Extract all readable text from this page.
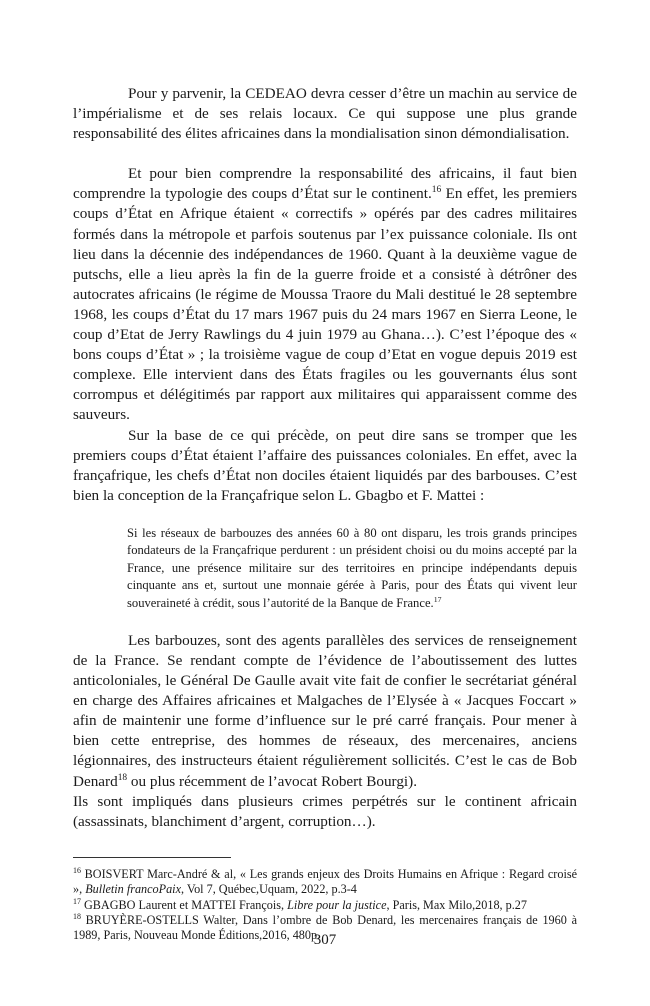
Pour y parvenir, la CEDEAO devra cesser d’être un machin au service de l’impérialisme et de ses relais locaux. Ce qui suppose une plus grande responsabilité des élites africaines dans la mondialisation sinon démondialisation.

Et pour bien comprendre la responsabilité des africains, il faut bien comprendre la typologie des coups d’État sur le continent.$^{16}$ En effet, les premiers coups d’État en Afrique étaient « correctifs » opérés par des cadres militaires formés dans la métropole et parfois soutenus par l’ex puissance coloniale. Ils ont lieu dans la décennie des indépendances de 1960. Quant à la deuxième vague de putschs, elle a lieu après la fin de la guerre froide et a consisté à détrôner des autocrates africains (le régime de Moussa Traore du Mali destitué le 28 septembre 1968, les coups d’État du 17 mars 1967 puis du 24 mars 1967 en Sierra Leone, le coup d’Etat de Jerry Rawlings du 4 juin 1979 au Ghana…). C’est l’époque des « bons coups d’État » ; la troisième vague de coup d’Etat en vogue depuis 2019 est complexe. Elle intervient dans des États fragiles ou les gouvernants élus sont corrompus et délégitimés par rapport aux militaires qui apparaissent comme des sauveurs.

Sur la base de ce qui précède, on peut dire sans se tromper que les premiers coups d’État étaient l’affaire des puissances coloniales. En effet, avec la françafrique, les chefs d’État non dociles étaient liquidés par des barbouses. C’est bien la conception de la Françafrique selon L. Gbagbo et F. Mattei :

Si les réseaux de barbouzes des années 60 à 80 ont disparu, les trois grands principes fondateurs de la Françafrique perdurent : un président choisi ou du moins accepté par la France, une présence militaire sur des territoires en principe indépendants depuis cinquante ans et, surtout une monnaie gérée à Paris, pour des États qui vivent leur souveraineté à crédit, sous l’autorité de la Banque de France.$^{17}$

Les barbouzes, sont des agents parallèles des services de renseignement de la France. Se rendant compte de l’évidence de l’aboutissement des luttes anticoloniales, le Général De Gaulle avait vite fait de confier le secrétariat général en charge des Affaires africaines et Malgaches de l’Elysée à « Jacques Foccart » afin de maintenir une forme d’influence sur le pré carré français. Pour mener à bien cette entreprise, des hommes de réseaux, des mercenaires, anciens légionnaires, des instructeurs étaient régulièrement sollicités. C’est le cas de Bob Denard$^{18}$ ou plus récemment de l’avocat Robert Bourgi).

Ils sont impliqués dans plusieurs crimes perpétrés sur le continent africain (assassinats, blanchiment d’argent, corruption…).

$^{16}$ BOISVERT Marc-André & al, « Les grands enjeux des Droits Humains en Afrique : Regard croisé », Bulletin francoPaix, Vol 7, Québec,Uquam, 2022, p.3-4

$^{17}$ GBAGBO Laurent et MATTEI François, Libre pour la justice, Paris, Max Milo,2018, p.27

$^{18}$ BRUYÈRE-OSTELLS Walter, Dans l’ombre de Bob Denard, les mercenaires français de 1960 à 1989, Paris, Nouveau Monde Éditions,2016, 480p.

307
